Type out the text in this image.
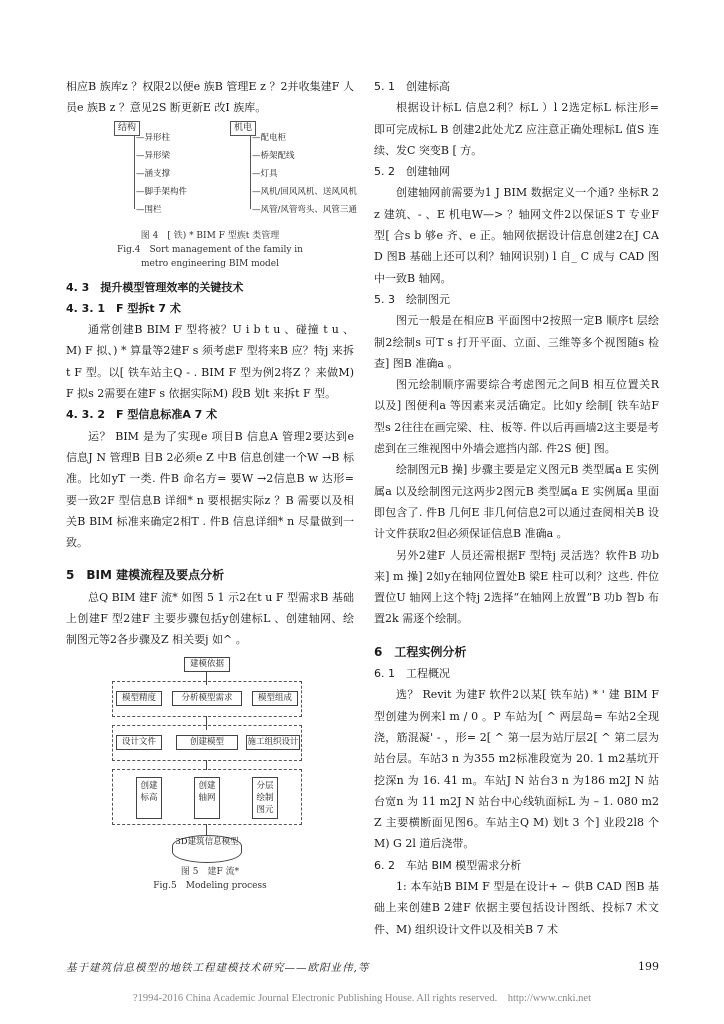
相应B 族库z ？权限2以便e 族B 管理E z ？2并收集建F 人员e 族B z ？意见2S 断更新E 改I 族库。

结构	机电
—异形柱
—异形梁
—涵支撑
—脚手架构件
—围栏
—配电柜
—桥架配线
—灯具
—风机/回风风机、送风风机
—风管/风管弯头、风管三通
图 4　[ 铁) * BIM F 型族t 类管理
Fig.4　Sort management of the family in
metro engineering BIM model
4. 3　提升模型管理效率的关键技术
4. 3. 1　F 型拆t 7 术

通常创建B BIM F 型将被？U i b t u 、碰撞 t u 、M) F 拟、) * 算量等2建F s 须考虑F 型将来B 应？特j 来拆t F 型。以[ 铁车站主Q - . BIM F 型为例2将Z ？来做M) F 拟s 2需要在建F s 依据实际M) 段B 划t 来拆t F 型。

4. 3. 2　F 型信息标准A 7 术

运？ BIM 是为了实现e 项目B 信息A 管理2要达到e 信息J N 管理B 目B 2必须e Z 中B 信息创建一个W →B 标准。比如yT 一类. 件B 命名方= 要W →2信息B w 达形= 要一致2F 型信息B 详细* n 要根据实际z ？B 需要以及相关B BIM 标准来确定2相T . 件B 信息详细* n 尽量做到一致。

5　BIM 建模流程及要点分析

总Q BIM 建F 流* 如图 5 1 示2在t u F 型需求B 基础上创建F 型2建F 主要步骤包括y创建标L 、创建轴网、绘制图元等2各步骤及Z 相关要j 如^ 。

建模依据
分析模型需求
模型精度	模型组成
设计文件	创建模型	施工组织设计
创建标高
创建轴网
分层绘制图元
3D建筑信息模型
图 5　建F 流*
Fig.5　Modeling process
5. 1　创建标高

根据设计标L 信息2利？标L ）l 2选定标L 标注形= 即可完成标L B 创建2此处尤Z 应注意正确处理标L 值S 连续、发C 突变B [ 方。

5. 2　创建轴网

创建轴网前需要为1 J BIM 数据定义一个通? 坐标R 2z 建筑、- 、E 机电W—> ？轴网文件2以保证S T 专业F 型[ 合s b 够e 齐、e 正。轴网依据设计信息创建2在J CAD 图B 基础上还可以利？轴网识别) l 自_ C 成与 CAD 图中一致B 轴网。

5. 3　绘制图元

图元一般是在相应B 平面图中2按照一定B 顺序t 层绘制2绘制s 可T s 打开平面、立面、三维等多个视图随s 检查] 图B 准确a 。

图元绘制顺序需要综合考虑图元之间B 相互位置关R 以及] 图便利a 等因素来灵活确定。比如y 绘制[ 铁车站F 型s 2往往在画完梁、柱、板等. 件以后再画墙2这主要是考虑到在三维视图中外墙会遮挡内部. 件2S 便] 图。

绘制图元B 操] 步骤主要是定义图元B 类型属a E 实例属a 以及绘制图元这两步2图元B 类型属a E 实例属a 里面即包含了. 件B 几何E 非几何信息2可以通过查阅相关B 设计文件获取2但必须保证信息B 准确a 。

另外2建F 人员还需根据F 型特j 灵活选？软件B 功b 来] m 操] 2如y在轴网位置处B 梁E 柱可以利？这些. 件位置位U 轴网上这个特j 2选择“在轴网上放置”B 功b 智b 布置2k 需逐个绘制。

6　工程实例分析
6. 1　工程概况

选？ Revit 为建F 软件2以某[ 铁车站) * ' 建 BIM F 型创建为例来l m / 0 。P 车站为[ ^ 两层岛= 车站2全现浇，筋混凝' - ，形= 2[ ^ 第一层为站厅层2[ ^ 第二层为站台层。车站3 n 为355 m2标准段宽为 20. 1 m2基坑开挖深n 为 16. 41 m。车站J N 站台3 n 为186 m2J N 站台宽n 为 11 m2J N 站台中心线轨面标L 为 – 1. 080 m2Z 主要横断面见图6。车站主Q M) 划t 3 个] 业段2l8 个M) G 2l 道后浇带。

6. 2　车站 BIM 模型需求分析

1: 本车站B BIM F 型是在设计+ ~ 供B CAD 图B 基础上来创建B 2建F 依据主要包括设计图纸、投标7 术文件、M) 组织设计文件以及相关B 7 术

基于建筑信息模型的地铁工程建模技术研究——欧阳业伟,等	199
?1994-2016 China Academic Journal Electronic Publishing House. All rights reserved.　http://www.cnki.net
